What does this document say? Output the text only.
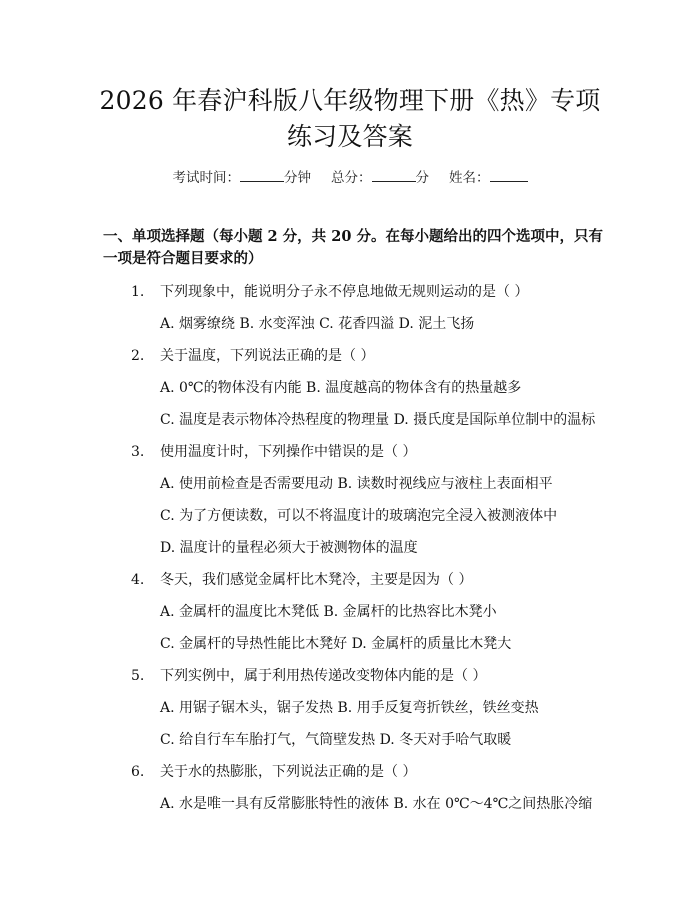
2026 年春沪科版八年级物理下册《热》专项
练习及答案
考试时间：	分钟 总分：	分 姓名：
一、单项选择题（每小题 2 分，共 20 分。在每小题给出的四个选项中，只有一项是符合题目要求的）
1. 下列现象中，能说明分子永不停息地做无规则运动的是（ ）
A. 烟雾缭绕 B. 水变浑浊 C. 花香四溢 D. 泥土飞扬
2. 关于温度，下列说法正确的是（ ）
A. 0℃的物体没有内能 B. 温度越高的物体含有的热量越多
C. 温度是表示物体冷热程度的物理量 D. 摄氏度是国际单位制中的温标
3. 使用温度计时，下列操作中错误的是（ ）
A. 使用前检查是否需要甩动 B. 读数时视线应与液柱上表面相平
C. 为了方便读数，可以不将温度计的玻璃泡完全浸入被测液体中
D. 温度计的量程必须大于被测物体的温度
4. 冬天，我们感觉金属杆比木凳冷，主要是因为（ ）
A. 金属杆的温度比木凳低 B. 金属杆的比热容比木凳小
C. 金属杆的导热性能比木凳好 D. 金属杆的质量比木凳大
5. 下列实例中，属于利用热传递改变物体内能的是（ ）
A. 用锯子锯木头，锯子发热 B. 用手反复弯折铁丝，铁丝变热
C. 给自行车车胎打气，气筒壁发热 D. 冬天对手哈气取暖
6. 关于水的热膨胀，下列说法正确的是（ ）
A. 水是唯一具有反常膨胀特性的液体 B. 水在 0℃～4℃之间热胀冷缩
